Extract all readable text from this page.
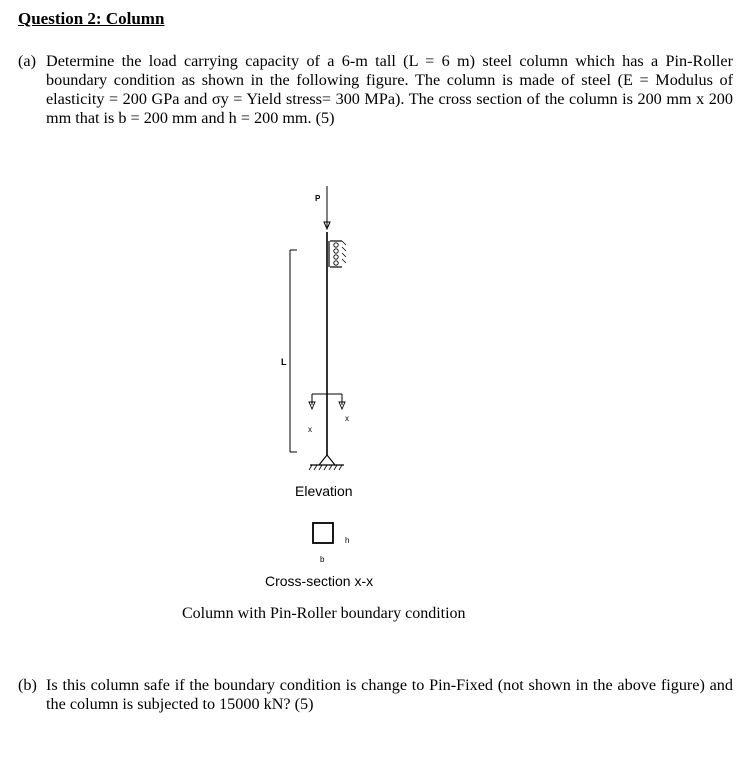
Question 2: Column
(a) Determine the load carrying capacity of a 6-m tall (L = 6 m) steel column which has a Pin-Roller boundary condition as shown in the following figure. The column is made of steel (E = Modulus of elasticity = 200 GPa and σy = Yield stress= 300 MPa). The cross section of the column is 200 mm x 200 mm that is b = 200 mm and h = 200 mm. (5)
P
L
x
x

Elevation

h
b

Cross-section x-x

Column with Pin-Roller boundary condition

(b) Is this column safe if the boundary condition is change to Pin-Fixed (not shown in the above figure) and the column is subjected to 15000 kN? (5)
